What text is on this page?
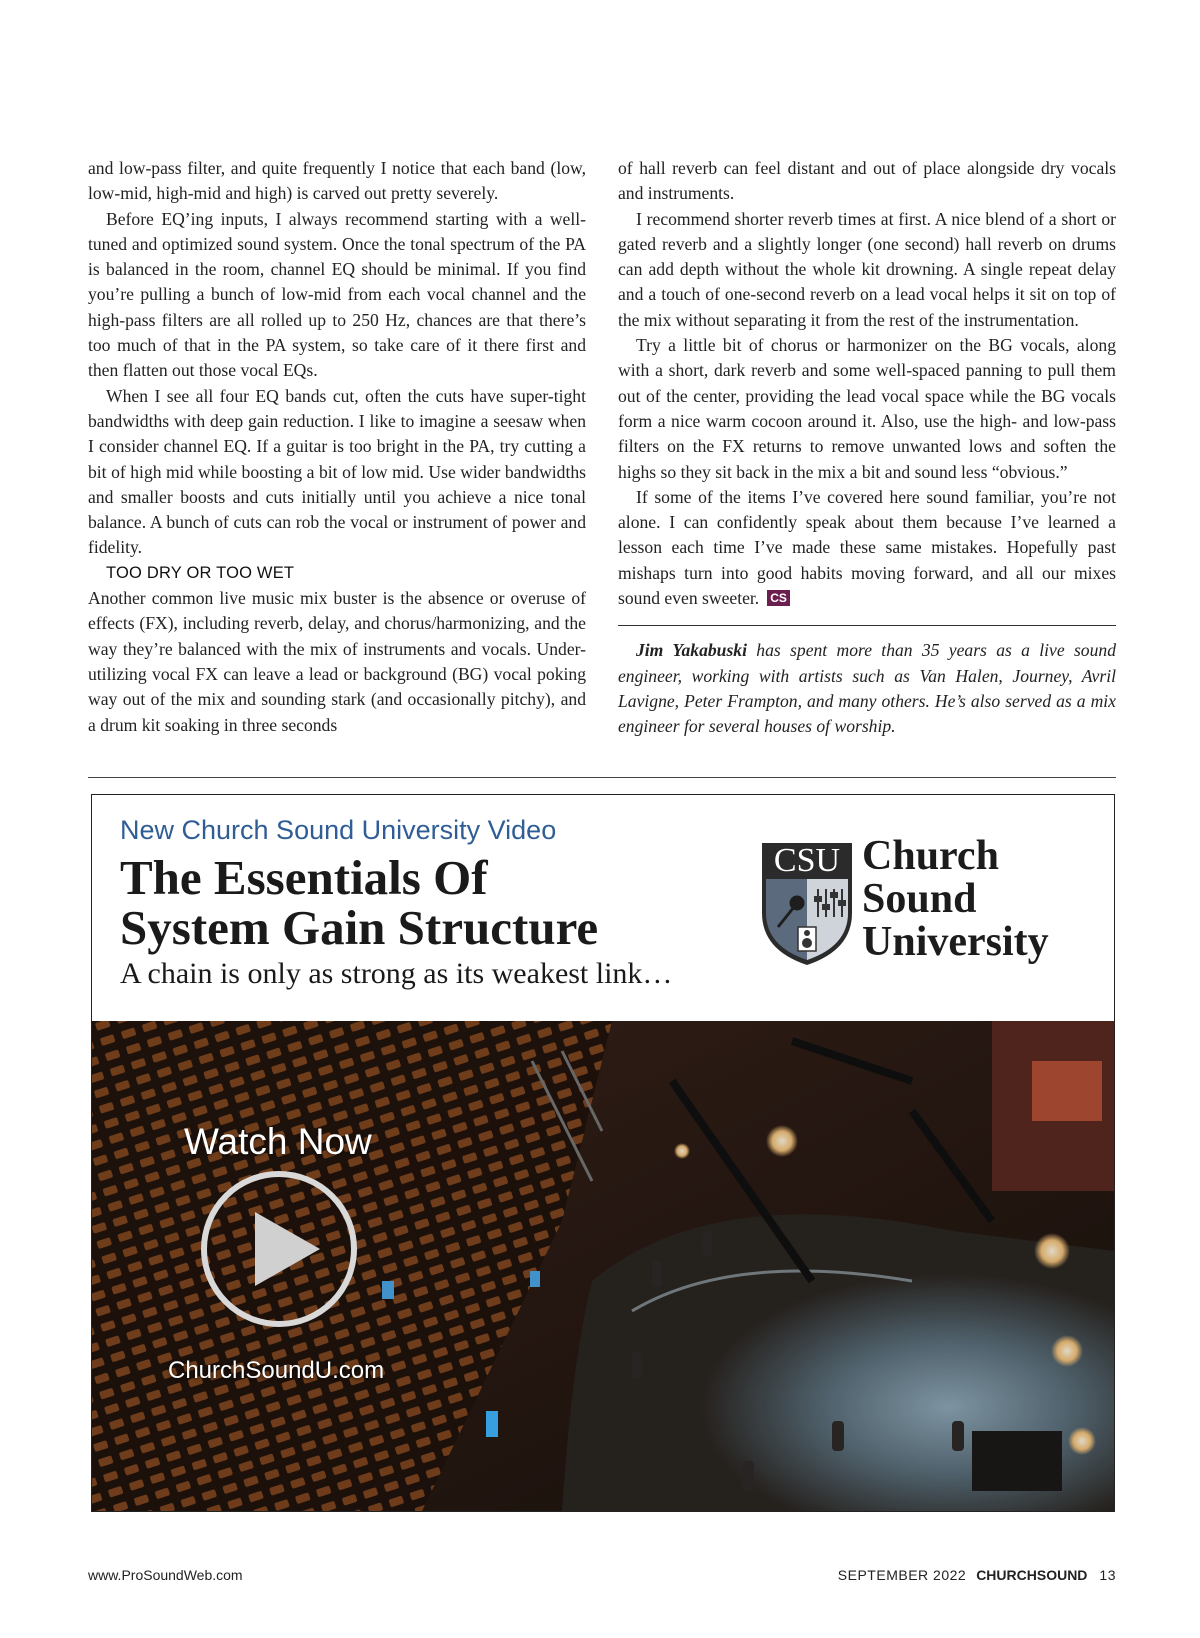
and low-pass filter, and quite frequently I notice that each band (low, low-mid, high-mid and high) is carved out pretty severely.

Before EQ’ing inputs, I always recommend starting with a well-tuned and optimized sound system. Once the tonal spectrum of the PA is balanced in the room, channel EQ should be minimal. If you find you’re pulling a bunch of low-mid from each vocal channel and the high-pass filters are all rolled up to 250 Hz, chances are that there’s too much of that in the PA system, so take care of it there first and then flatten out those vocal EQs.

When I see all four EQ bands cut, often the cuts have super-tight bandwidths with deep gain reduction. I like to imagine a seesaw when I consider channel EQ. If a guitar is too bright in the PA, try cutting a bit of high mid while boosting a bit of low mid. Use wider bandwidths and smaller boosts and cuts initially until you achieve a nice tonal balance. A bunch of cuts can rob the vocal or instrument of power and fidelity.

TOO DRY OR TOO WET

Another common live music mix buster is the absence or overuse of effects (FX), including reverb, delay, and chorus/harmonizing, and the way they’re balanced with the mix of instruments and vocals. Under-utilizing vocal FX can leave a lead or background (BG) vocal poking way out of the mix and sounding stark (and occasionally pitchy), and a drum kit soaking in three seconds

of hall reverb can feel distant and out of place alongside dry vocals and instruments.

I recommend shorter reverb times at first. A nice blend of a short or gated reverb and a slightly longer (one second) hall reverb on drums can add depth without the whole kit drowning. A single repeat delay and a touch of one-second reverb on a lead vocal helps it sit on top of the mix without separating it from the rest of the instrumentation.

Try a little bit of chorus or harmonizer on the BG vocals, along with a short, dark reverb and some well-spaced panning to pull them out of the center, providing the lead vocal space while the BG vocals form a nice warm cocoon around it. Also, use the high- and low-pass filters on the FX returns to remove unwanted lows and soften the highs so they sit back in the mix a bit and sound less “obvious.”

If some of the items I’ve covered here sound familiar, you’re not alone. I can confidently speak about them because I’ve learned a lesson each time I’ve made these same mistakes. Hopefully past mishaps turn into good habits moving forward, and all our mixes sound even sweeter. CS

Jim Yakabuski has spent more than 35 years as a live sound engineer, working with artists such as Van Halen, Journey, Avril Lavigne, Peter Frampton, and many others. He’s also served as a mix engineer for several houses of worship.

New Church Sound University Video
The Essentials Of
System Gain Structure
A chain is only as strong as its weakest link…
CSU Church
Sound
University
Watch Now
ChurchSoundU.com
www.ProSoundWeb.com	SEPTEMBER 2022 CHURCHSOUND 13
